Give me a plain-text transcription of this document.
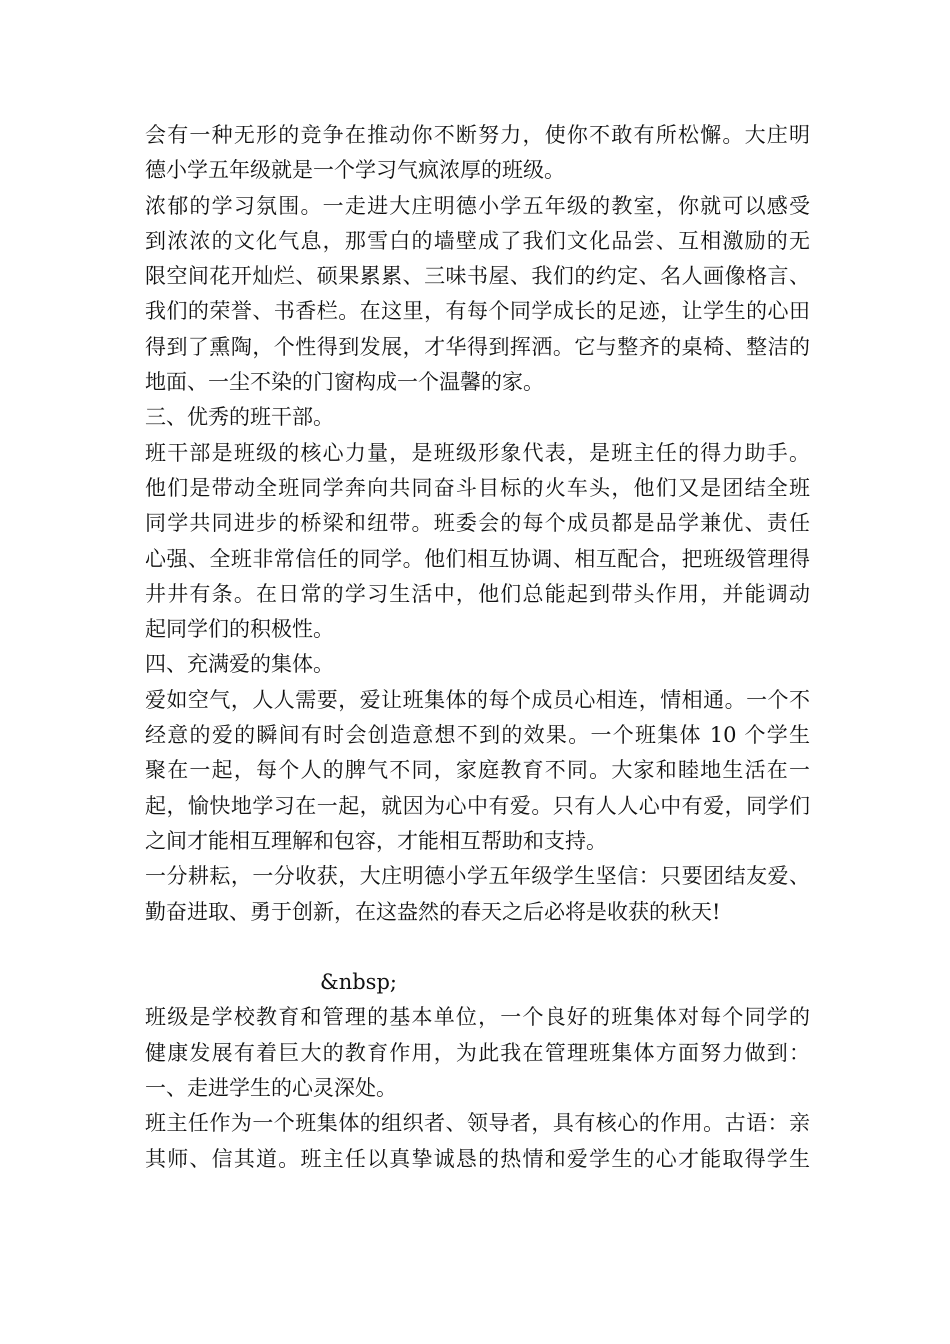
会有一种无形的竞争在推动你不断努力，使你不敢有所松懈。大庄明
德小学五年级就是一个学习气疯浓厚的班级。
浓郁的学习氛围。一走进大庄明德小学五年级的教室，你就可以感受
到浓浓的文化气息，那雪白的墙壁成了我们文化品尝、互相激励的无
限空间花开灿烂、硕果累累、三味书屋、我们的约定、名人画像格言、
我们的荣誉、书香栏。在这里，有每个同学成长的足迹，让学生的心田
得到了熏陶，个性得到发展，才华得到挥洒。它与整齐的桌椅、整洁的
地面、一尘不染的门窗构成一个温馨的家。
三、优秀的班干部。
班干部是班级的核心力量，是班级形象代表，是班主任的得力助手。
他们是带动全班同学奔向共同奋斗目标的火车头，他们又是团结全班
同学共同进步的桥梁和纽带。班委会的每个成员都是品学兼优、责任
心强、全班非常信任的同学。他们相互协调、相互配合，把班级管理得
井井有条。在日常的学习生活中，他们总能起到带头作用，并能调动
起同学们的积极性。
四、充满爱的集体。
爱如空气，人人需要，爱让班集体的每个成员心相连，情相通。一个不
经意的爱的瞬间有时会创造意想不到的效果。一个班集体 10 个学生
聚在一起，每个人的脾气不同，家庭教育不同。大家和睦地生活在一
起，愉快地学习在一起，就因为心中有爱。只有人人心中有爱，同学们
之间才能相互理解和包容，才能相互帮助和支持。
一分耕耘，一分收获，大庄明德小学五年级学生坚信：只要团结友爱、
勤奋进取、勇于创新，在这盎然的春天之后必将是收获的秋天!
&nbsp;
班级是学校教育和管理的基本单位，一个良好的班集体对每个同学的
健康发展有着巨大的教育作用，为此我在管理班集体方面努力做到：
一、走进学生的心灵深处。
班主任作为一个班集体的组织者、领导者，具有核心的作用。古语：亲
其师、信其道。班主任以真挚诚恳的热情和爱学生的心才能取得学生
